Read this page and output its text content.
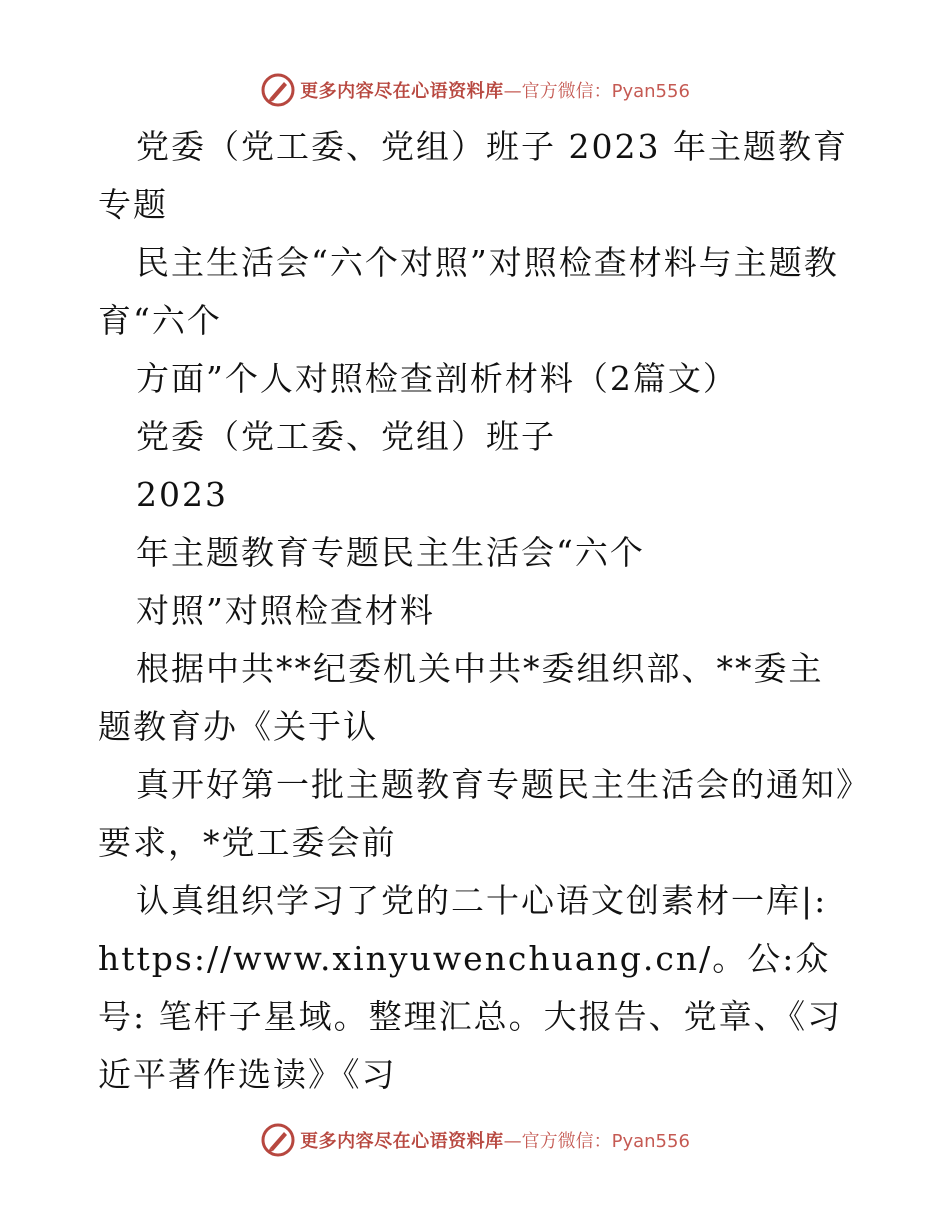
更多内容尽在心语资料库 —官方微信：Pyan556

党委（党工委、党组）班子 2023 年主题教育专题

民主生活会“六个对照”对照检查材料与主题教育“六个

方面”个人对照检查剖析材料（2篇文）

党委（党工委、党组）班子

2023

年主题教育专题民主生活会“六个

对照”对照检查材料

根据中共**纪委机关中共*委组织部、**委主题教育办《关于认

真开好第一批主题教育专题民主生活会的通知》要求，*党工委会前

认真组织学习了党的二十心语文创素材一库|: https://www.xinyuwenchuang.cn/。公:众号: 笔杆子星域。整理汇总。大报告、党章、《习近平著作选读》《习

更多内容尽在心语资料库 —官方微信：Pyan556
